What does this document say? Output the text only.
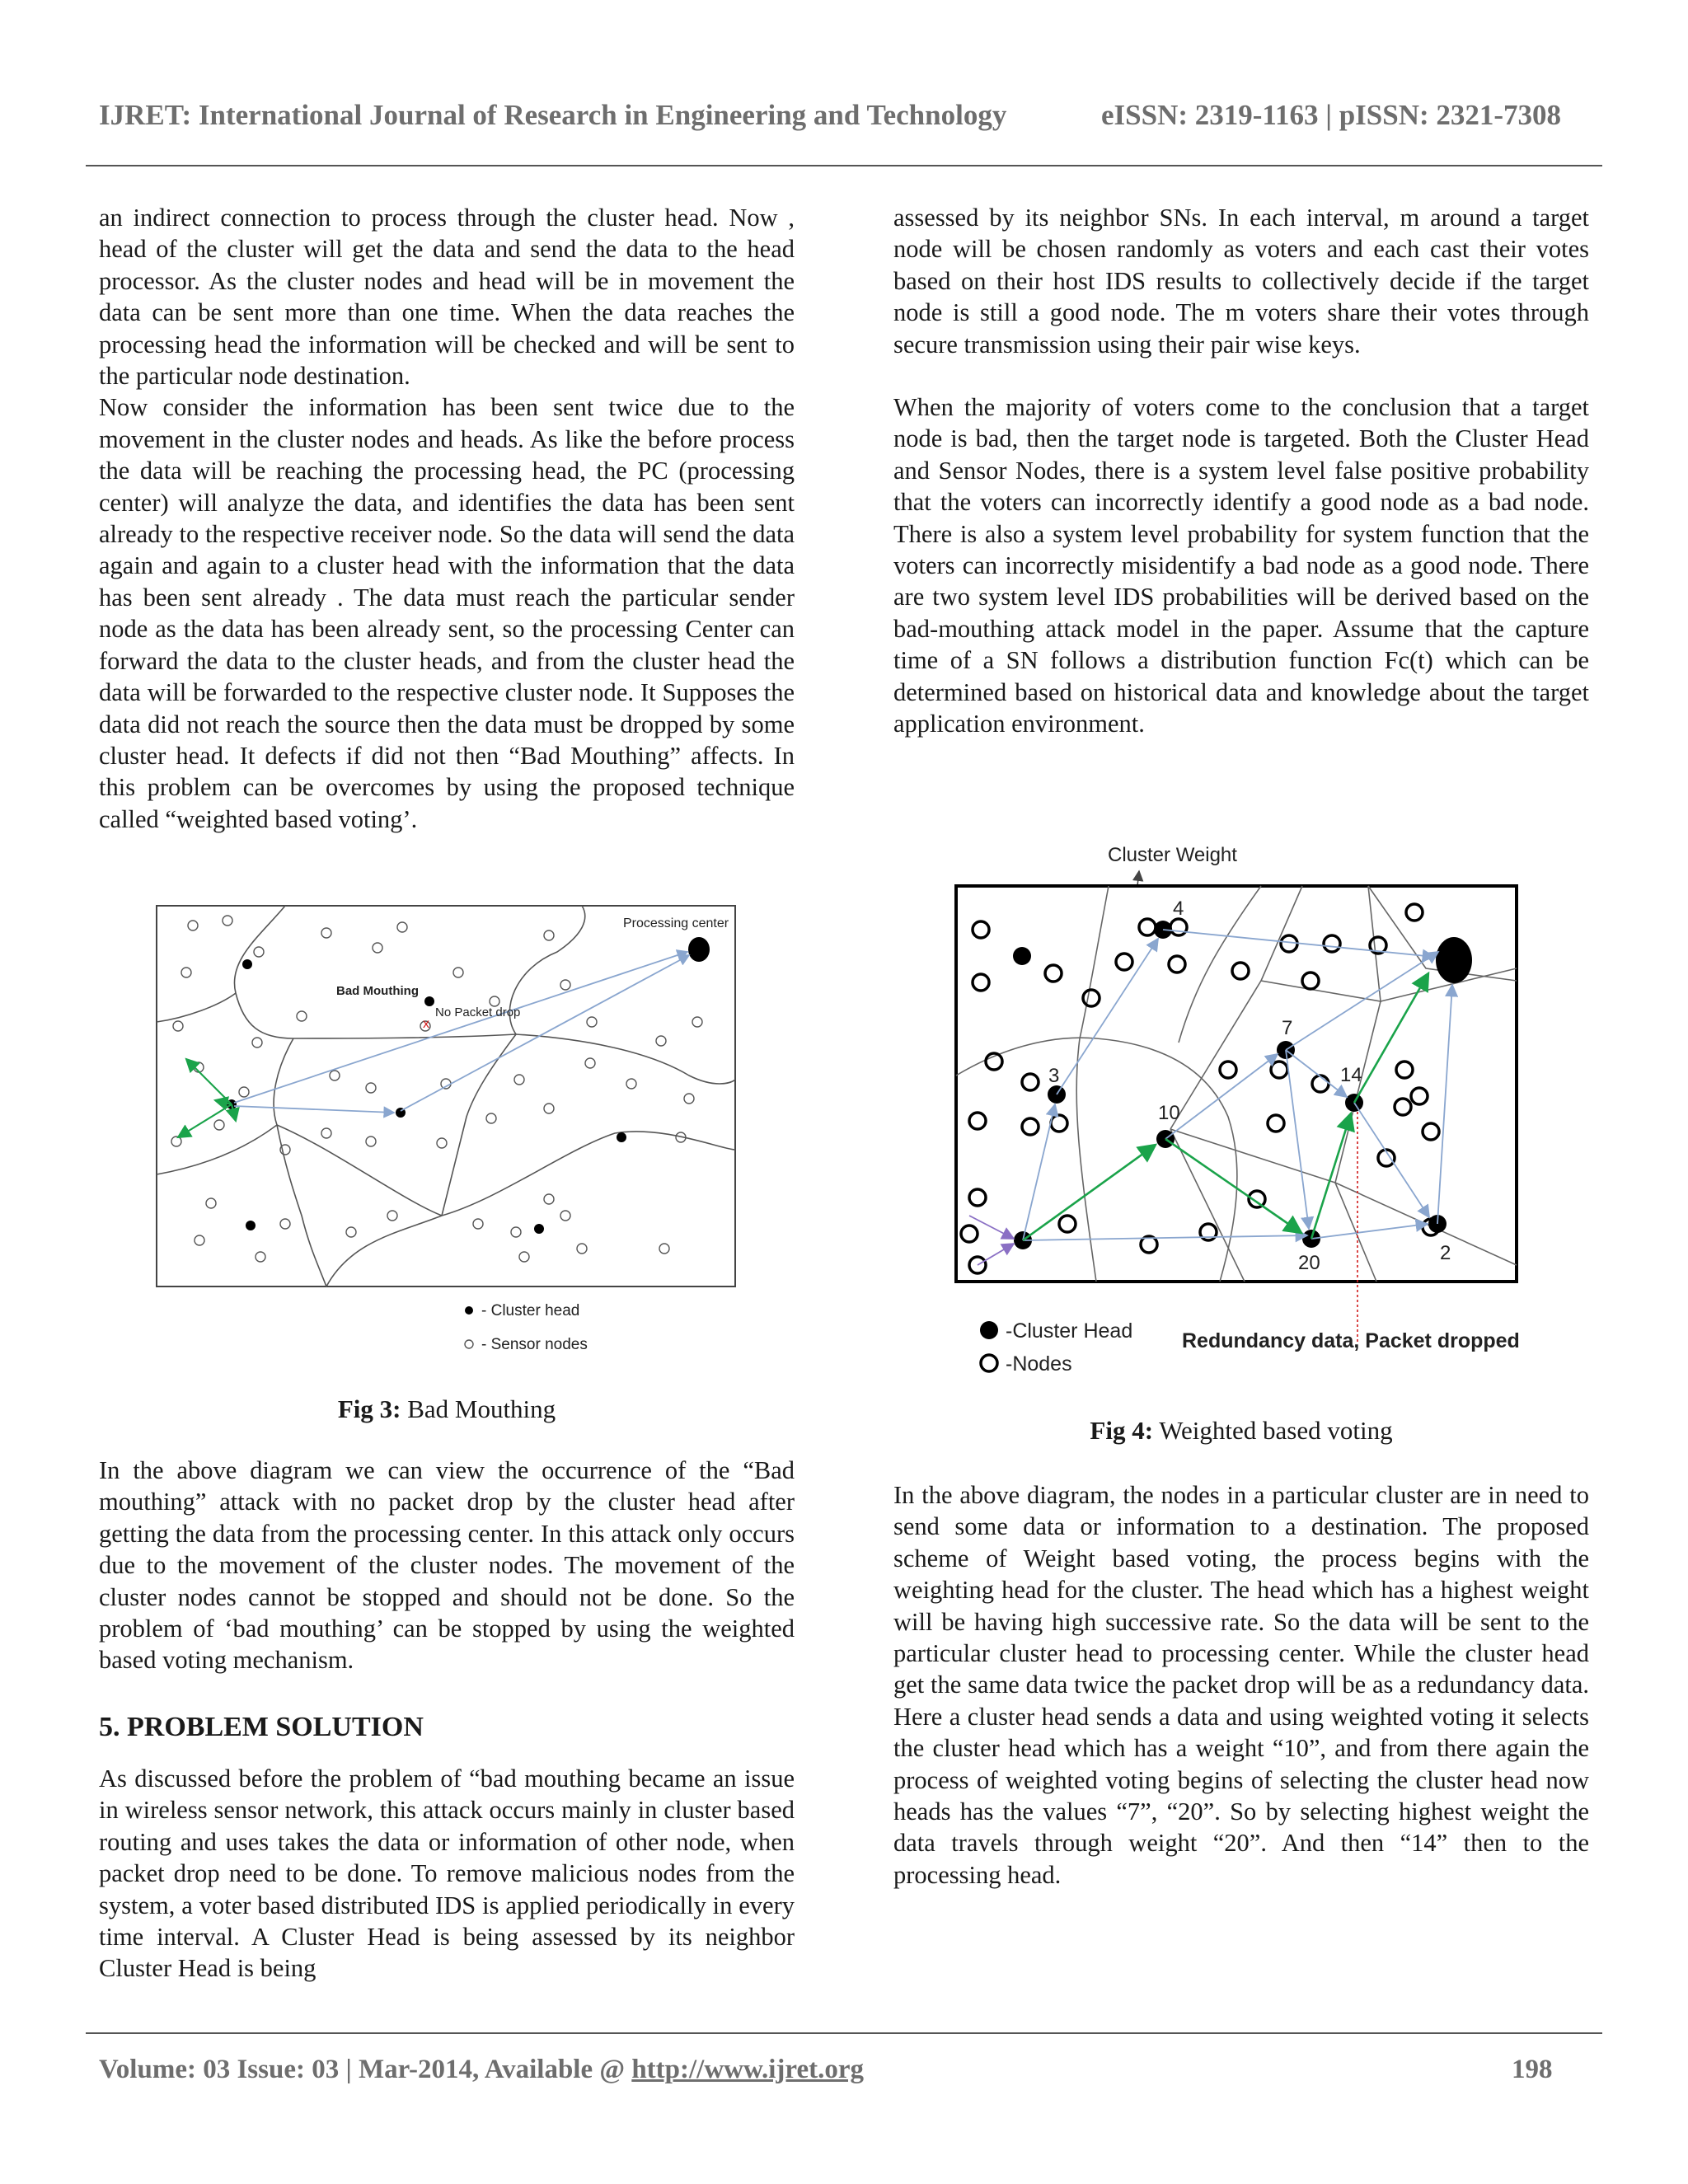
IJRET: International Journal of Research in Engineering and Technology	eISSN: 2319-1163 | pISSN: 2321-7308

an indirect connection to process through the cluster head. Now , head of the cluster will get the data and send the data to the head processor. As the cluster nodes and head will be in movement the data can be sent more than one time. When the data reaches the processing head the information will be checked and will be sent to the particular node destination.

Now consider the information has been sent twice due to the movement in the cluster nodes and heads. As like the before process the data will be reaching the processing head, the PC (processing center) will analyze the data, and identifies the data has been sent already to the respective receiver node. So the data will send the data again and again to a cluster head with the information that the data has been sent already . The data must reach the particular sender node as the data has been already sent, so the processing Center can forward the data to the cluster heads, and from the cluster head the data will be forwarded to the respective cluster node. It Supposes the data did not reach the source then the data must be dropped by some cluster head. It defects if did not then “Bad Mouthing” affects. In this problem can be overcomes by using the proposed technique called “weighted based voting’.

assessed by its neighbor SNs. In each interval, m around a target node will be chosen randomly as voters and each cast their votes based on their host IDS results to collectively decide if the target node is still a good node. The m voters share their votes through secure transmission using their pair wise keys.

When the majority of voters come to the conclusion that a target node is bad, then the target node is targeted. Both the Cluster Head and Sensor Nodes, there is a system level false positive probability that the voters can incorrectly identify a good node as a bad node. There is also a system level probability for system function that the voters can incorrectly misidentify a bad node as a good node. There are two system level IDS probabilities will be derived based on the bad-mouthing attack model in the paper. Assume that the capture time of a SN follows a distribution function Fc(t) which can be determined based on historical data and knowledge about the target application environment.

Processing center
Bad Mouthing
No Packet drop
x
- Cluster head
- Sensor nodes
Fig 3: Bad Mouthing
Cluster Weight
4
3
7
14
10
20	2
-Cluster Head
-Nodes
Redundancy data, Packet dropped
Fig 4: Weighted based voting

In the above diagram we can view the occurrence of the “Bad mouthing” attack with no packet drop by the cluster head after getting the data from the processing center. In this attack only occurs due to the movement of the cluster nodes. The movement of the cluster nodes cannot be stopped and should not be done. So the problem of ‘bad mouthing’ can be stopped by using the weighted based voting mechanism.

5. PROBLEM SOLUTION

As discussed before the problem of “bad mouthing became an issue in wireless sensor network, this attack occurs mainly in cluster based routing and uses takes the data or information of other node, when packet drop need to be done. To remove malicious nodes from the system, a voter based distributed IDS is applied periodically in every time interval. A Cluster Head is being assessed by its neighbor Cluster Head is being

In the above diagram, the nodes in a particular cluster are in need to send some data or information to a destination. The proposed scheme of Weight based voting, the process begins with the weighting head for the cluster. The head which has a highest weight will be having high successive rate. So the data will be sent to the particular cluster head to processing center. While the cluster head get the same data twice the packet drop will be as a redundancy data. Here a cluster head sends a data and using weighted voting it selects the cluster head which has a weight “10”, and from there again the process of weighted voting begins of selecting the cluster head now heads has the values “7”, “20”. So by selecting highest weight the data travels through weight “20”. And then “14” then to the processing head.

Volume: 03 Issue: 03 | Mar-2014, Available @ http://www.ijret.org	198
